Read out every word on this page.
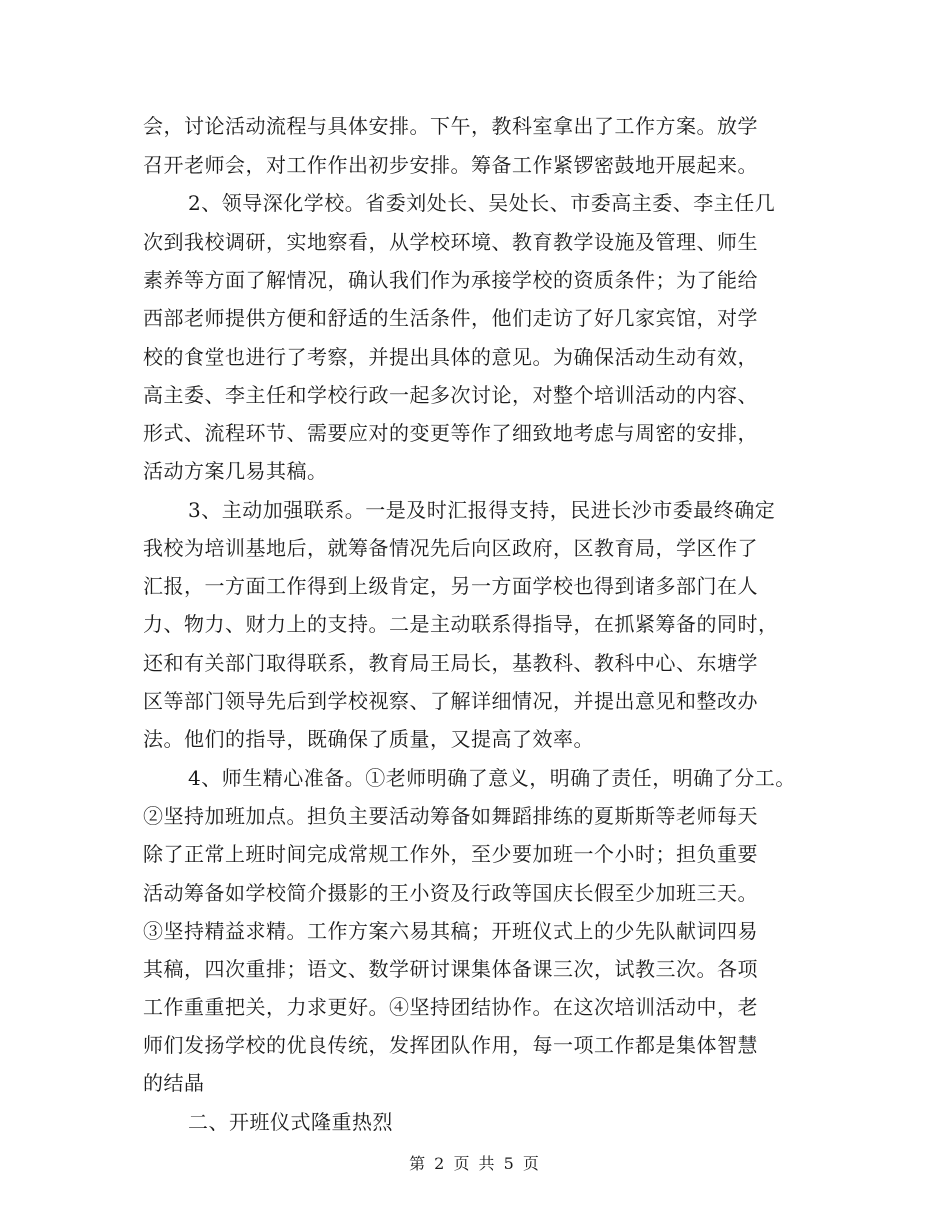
会，讨论活动流程与具体安排。下午，教科室拿出了工作方案。放学
召开老师会，对工作作出初步安排。筹备工作紧锣密鼓地开展起来。
2、领导深化学校。省委刘处长、吴处长、市委高主委、李主任几
次到我校调研，实地察看，从学校环境、教育教学设施及管理、师生
素养等方面了解情况，确认我们作为承接学校的资质条件；为了能给
西部老师提供方便和舒适的生活条件，他们走访了好几家宾馆，对学
校的食堂也进行了考察，并提出具体的意见。为确保活动生动有效，
高主委、李主任和学校行政一起多次讨论，对整个培训活动的内容、
形式、流程环节、需要应对的变更等作了细致地考虑与周密的安排，
活动方案几易其稿。
3、主动加强联系。一是及时汇报得支持，民进长沙市委最终确定
我校为培训基地后，就筹备情况先后向区政府，区教育局，学区作了
汇报，一方面工作得到上级肯定，另一方面学校也得到诸多部门在人
力、物力、财力上的支持。二是主动联系得指导，在抓紧筹备的同时，
还和有关部门取得联系，教育局王局长，基教科、教科中心、东塘学
区等部门领导先后到学校视察、了解详细情况，并提出意见和整改办
法。他们的指导，既确保了质量，又提高了效率。
4、师生精心准备。①老师明确了意义，明确了责任，明确了分工。
②坚持加班加点。担负主要活动筹备如舞蹈排练的夏斯斯等老师每天
除了正常上班时间完成常规工作外，至少要加班一个小时；担负重要
活动筹备如学校简介摄影的王小资及行政等国庆长假至少加班三天。
③坚持精益求精。工作方案六易其稿；开班仪式上的少先队献词四易
其稿，四次重排；语文、数学研讨课集体备课三次，试教三次。各项
工作重重把关，力求更好。④坚持团结协作。在这次培训活动中，老
师们发扬学校的优良传统，发挥团队作用，每一项工作都是集体智慧
的结晶
二、开班仪式隆重热烈
第 2 页 共 5 页
